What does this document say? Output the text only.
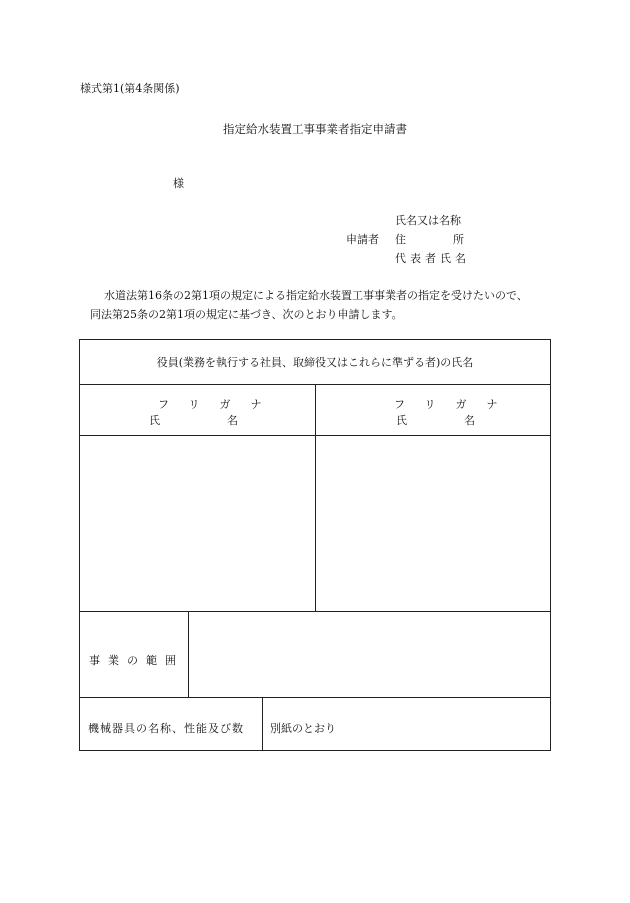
様式第1(第4条関係)
指定給水装置工事事業者指定申請書
様
氏名又は名称
申請者 住	所
代表者氏名
水道法第16条の2第1項の規定による指定給水装置工事事業者の指定を受けたいので、
同法第25条の2第1項の規定に基づき、次のとおり申請します。
役員(業務を執行する社員、取締役又はこれらに準ずる者)の氏名
フリガナ
氏	名
フリガナ
氏	名
事業の範囲
機械器具の名称、性能及び数 別紙のとおり
